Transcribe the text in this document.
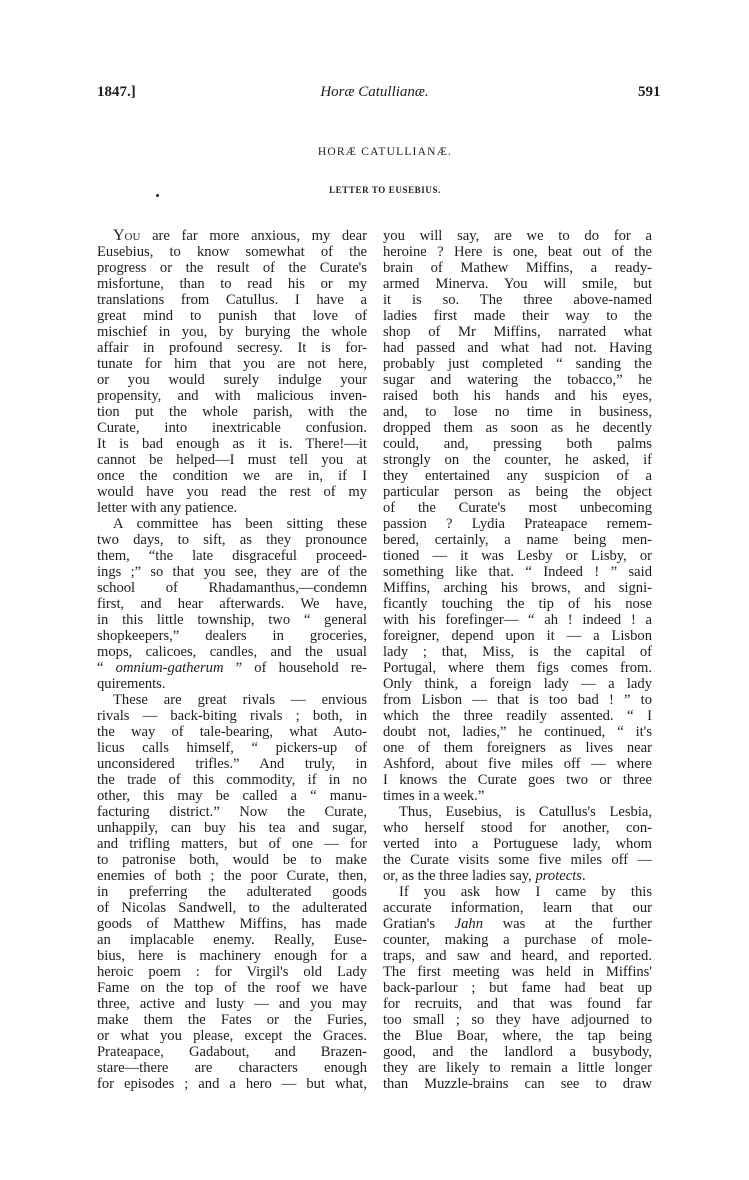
1847.]	Horæ Catullianæ.	591
HORÆ CATULLIANÆ.
LETTER TO EUSEBIUS.
You are far more anxious, my dear
Eusebius, to know somewhat of the
progress or the result of the Curate's
misfortune, than to read his or my
translations from Catullus. I have a
great mind to punish that love of
mischief in you, by burying the whole
affair in profound secresy. It is for-
tunate for him that you are not here,
or you would surely indulge your
propensity, and with malicious inven-
tion put the whole parish, with the
Curate, into inextricable confusion.
It is bad enough as it is. There!—it
cannot be helped—I must tell you at
once the condition we are in, if I
would have you read the rest of my
letter with any patience.
A committee has been sitting these
two days, to sift, as they pronounce
them, “the late disgraceful proceed-
ings ;” so that you see, they are of the
school of Rhadamanthus,—condemn
first, and hear afterwards. We have,
in this little township, two “ general
shopkeepers,” dealers in groceries,
mops, calicoes, candles, and the usual
“ omnium-gatherum ” of household re-
quirements.
These are great rivals — envious
rivals — back-biting rivals ; both, in
the way of tale-bearing, what Auto-
licus calls himself, “ pickers-up of
unconsidered trifles.” And truly, in
the trade of this commodity, if in no
other, this may be called a “ manu-
facturing district.” Now the Curate,
unhappily, can buy his tea and sugar,
and trifling matters, but of one — for
to patronise both, would be to make
enemies of both ; the poor Curate, then,
in preferring the adulterated goods
of Nicolas Sandwell, to the adulterated
goods of Matthew Miffins, has made
an implacable enemy. Really, Euse-
bius, here is machinery enough for a
heroic poem : for Virgil's old Lady
Fame on the top of the roof we have
three, active and lusty — and you may
make them the Fates or the Furies,
or what you please, except the Graces.
Prateapace, Gadabout, and Brazen-
stare—there are characters enough
for episodes ; and a hero — but what,
you will say, are we to do for a
heroine ? Here is one, beat out of the
brain of Mathew Miffins, a ready-
armed Minerva. You will smile, but
it is so. The three above-named
ladies first made their way to the
shop of Mr Miffins, narrated what
had passed and what had not. Having
probably just completed “ sanding the
sugar and watering the tobacco,” he
raised both his hands and his eyes,
and, to lose no time in business,
dropped them as soon as he decently
could, and, pressing both palms
strongly on the counter, he asked, if
they entertained any suspicion of a
particular person as being the object
of the Curate's most unbecoming
passion ? Lydia Prateapace remem-
bered, certainly, a name being men-
tioned — it was Lesby or Lisby, or
something like that. “ Indeed ! ” said
Miffins, arching his brows, and signi-
ficantly touching the tip of his nose
with his forefinger— “ ah ! indeed ! a
foreigner, depend upon it — a Lisbon
lady ; that, Miss, is the capital of
Portugal, where them figs comes from.
Only think, a foreign lady — a lady
from Lisbon — that is too bad ! ” to
which the three readily assented. “ I
doubt not, ladies,” he continued, “ it's
one of them foreigners as lives near
Ashford, about five miles off — where
I knows the Curate goes two or three
times in a week.”
Thus, Eusebius, is Catullus's Lesbia,
who herself stood for another, con-
verted into a Portuguese lady, whom
the Curate visits some five miles off —
or, as the three ladies say, protects.
If you ask how I came by this
accurate information, learn that our
Gratian's Jahn was at the further
counter, making a purchase of mole-
traps, and saw and heard, and reported.
The first meeting was held in Miffins'
back-parlour ; but fame had beat up
for recruits, and that was found far
too small ; so they have adjourned to
the Blue Boar, where, the tap being
good, and the landlord a busybody,
they are likely to remain a little longer
than Muzzle-brains can see to draw
